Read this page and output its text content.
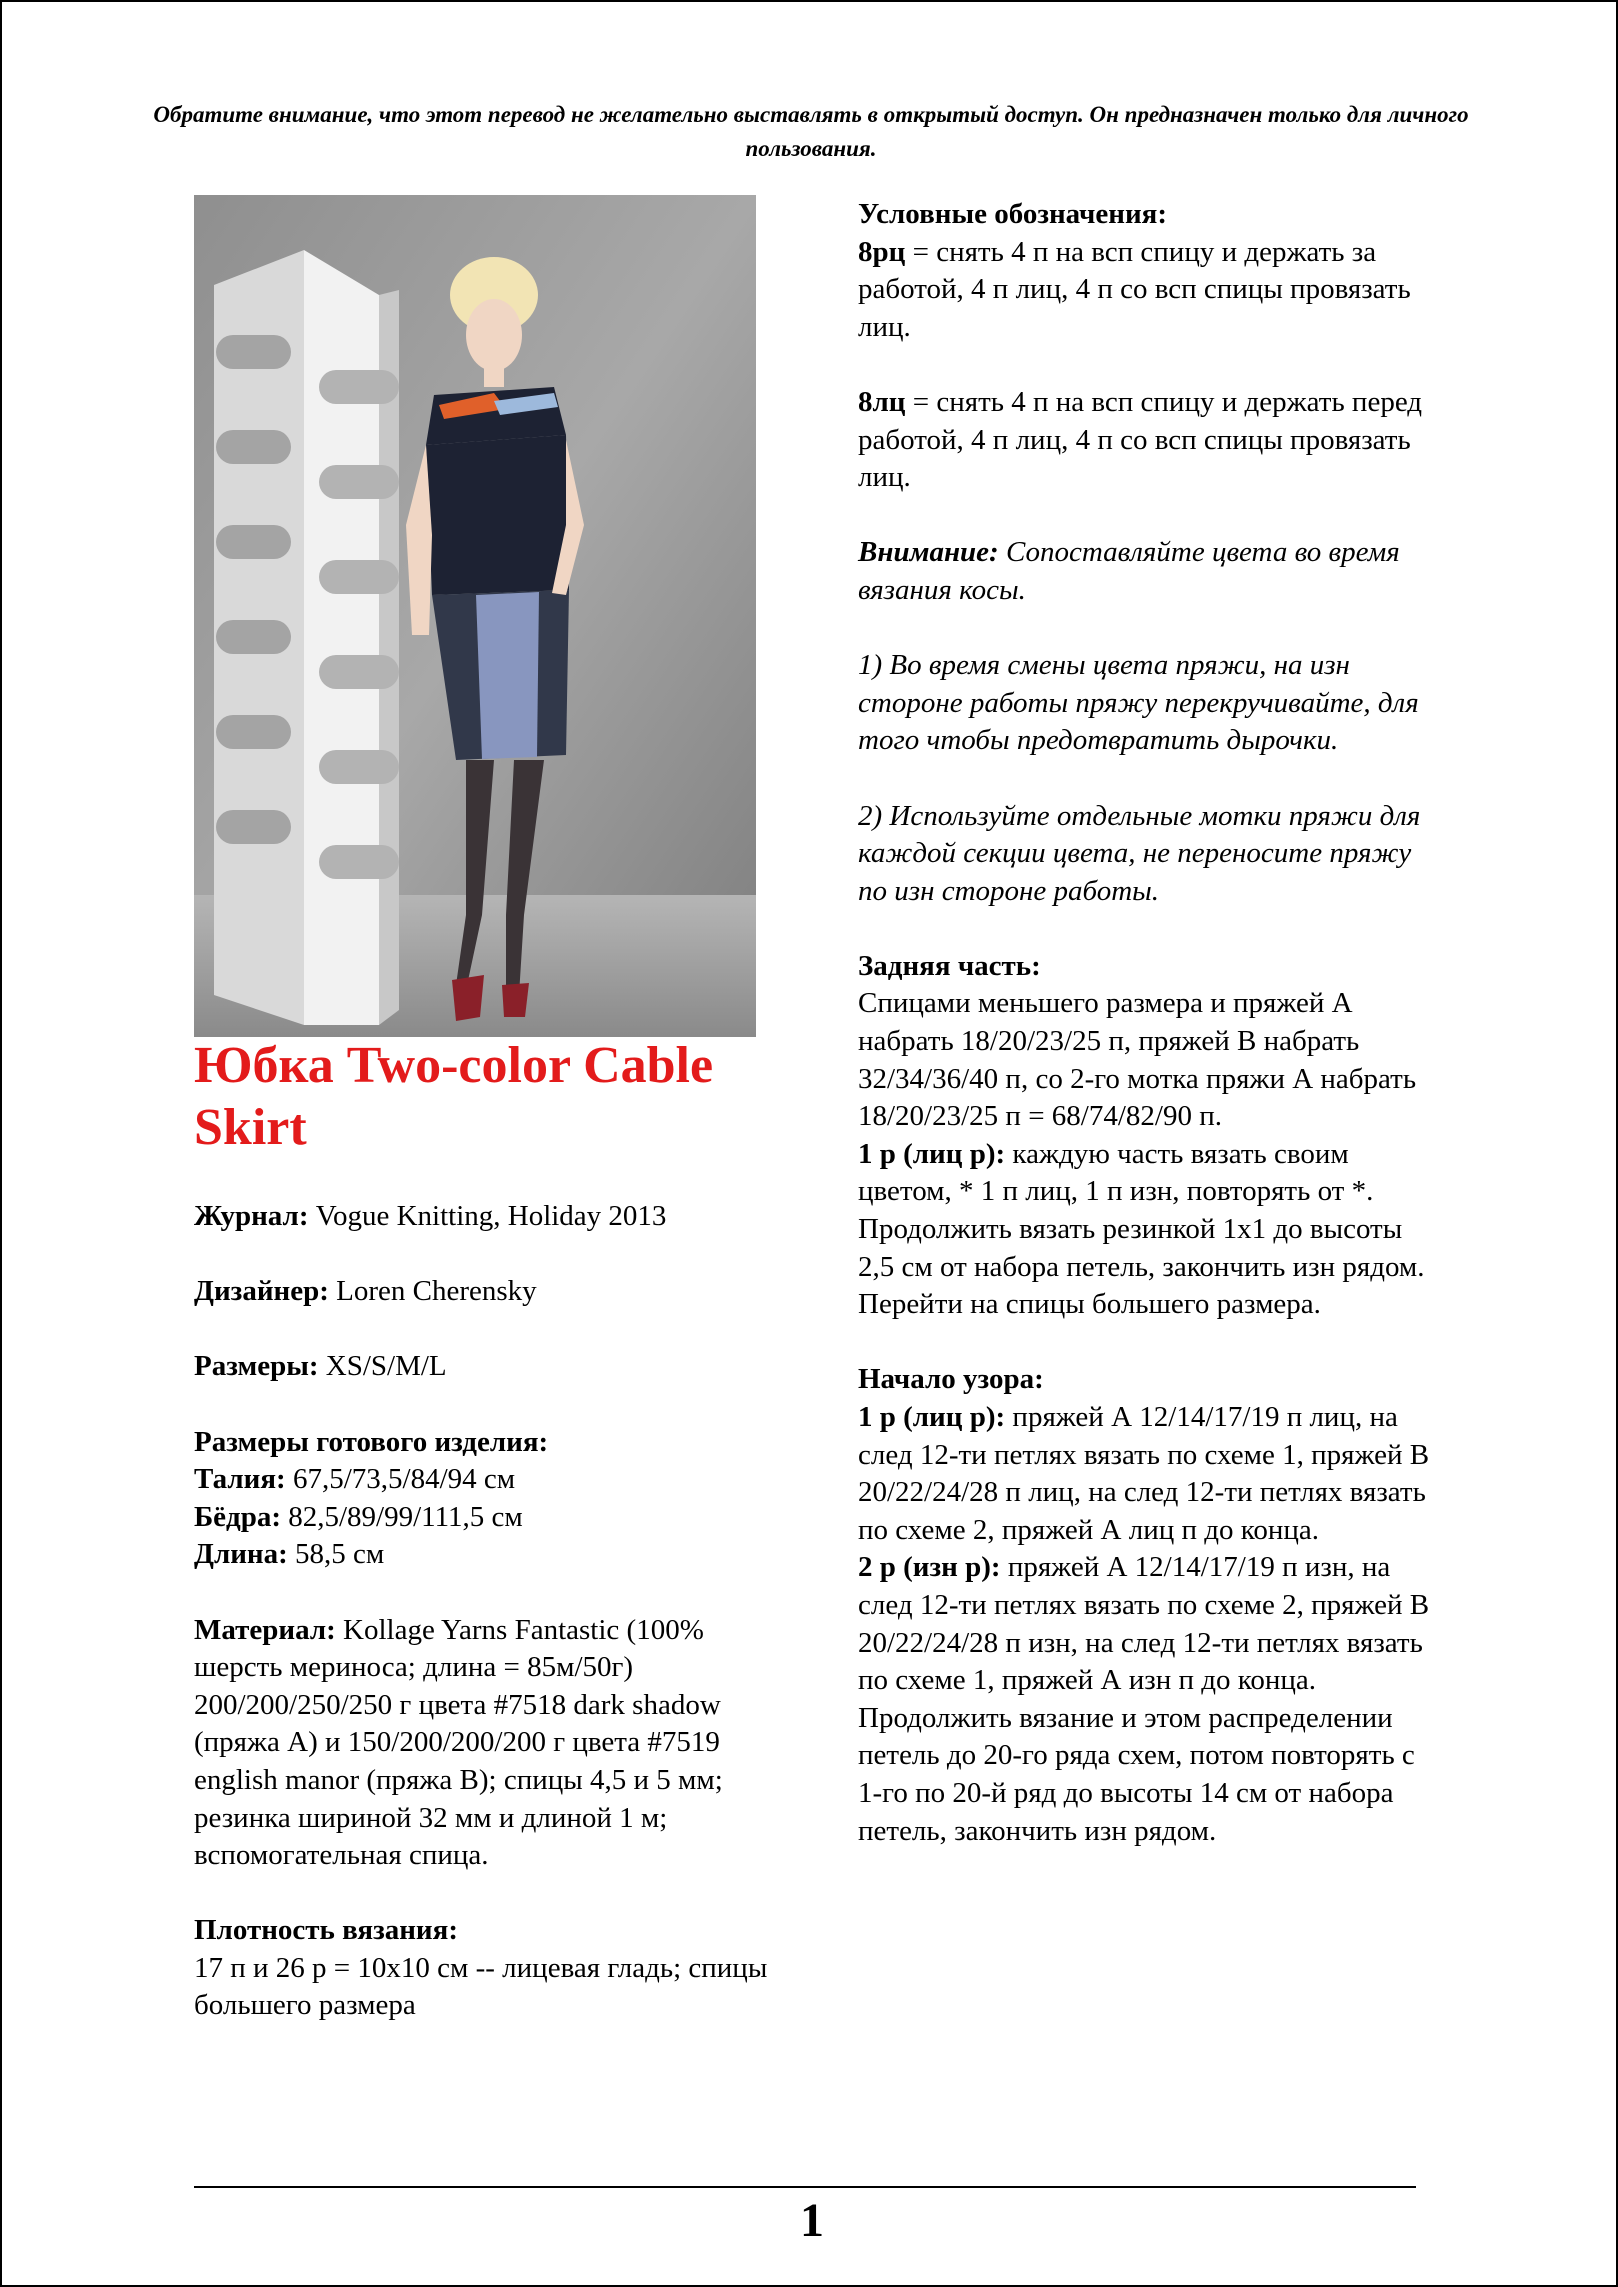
Обратите внимание, что этот перевод не желательно выставлять в открытый доступ. Он предназначен только для личного пользования.
Юбка Two-color Cable Skirt

Журнал: Vogue Knitting, Holiday 2013

Дизайнер: Loren Cherensky

Размеры: XS/S/M/L

Размеры готового изделия:

Талия: 67,5/73,5/84/94 см

Бёдра: 82,5/89/99/111,5 см

Длина: 58,5 см

Материал: Kollage Yarns Fantastic (100% шерсть мериноса; длина = 85м/50г) 200/200/250/250 г цвета #7518 dark shadow (пряжа А) и 150/200/200/200 г цвета #7519 english manor (пряжа В); спицы 4,5 и 5 мм; резинка шириной 32 мм и длиной 1 м; вспомогательная спица.

Плотность вязания:

17 п и 26 р = 10х10 см -- лицевая гладь; спицы большего размера

Условные обозначения:

8рц = снять 4 п на всп спицу и держать за работой, 4 п лиц, 4 п со всп спицы провязать лиц.

8лц = снять 4 п на всп спицу и держать перед работой, 4 п лиц, 4 п со всп спицы провязать лиц.

Внимание: Сопоставляйте цвета во время вязания косы.

1) Во время смены цвета пряжи, на изн стороне работы пряжу перекручивайте, для того чтобы предотвратить дырочки.

2) Используйте отдельные мотки пряжи для каждой секции цвета, не переносите пряжу по изн стороне работы.

Задняя часть:

Спицами меньшего размера и пряжей А набрать 18/20/23/25 п, пряжей В набрать 32/34/36/40 п, со 2-го мотка пряжи А набрать 18/20/23/25 п = 68/74/82/90 п.

1 р (лиц р): каждую часть вязать своим цветом, * 1 п лиц, 1 п изн, повторять от *.

Продолжить вязать резинкой 1х1 до высоты 2,5 см от набора петель, закончить изн рядом. Перейти на спицы большего размера.

Начало узора:

1 р (лиц р): пряжей А 12/14/17/19 п лиц, на след 12-ти петлях вязать по схеме 1, пряжей В 20/22/24/28 п лиц, на след 12-ти петлях вязать по схеме 2, пряжей А лиц п до конца.

2 р (изн р): пряжей А 12/14/17/19 п изн, на след 12-ти петлях вязать по схеме 2, пряжей В 20/22/24/28 п изн, на след 12-ти петлях вязать по схеме 1, пряжей А изн п до конца.

Продолжить вязание и этом распределении петель до 20-го ряда схем, потом повторять с 1-го по 20-й ряд до высоты 14 см от набора петель, закончить изн рядом.

1
